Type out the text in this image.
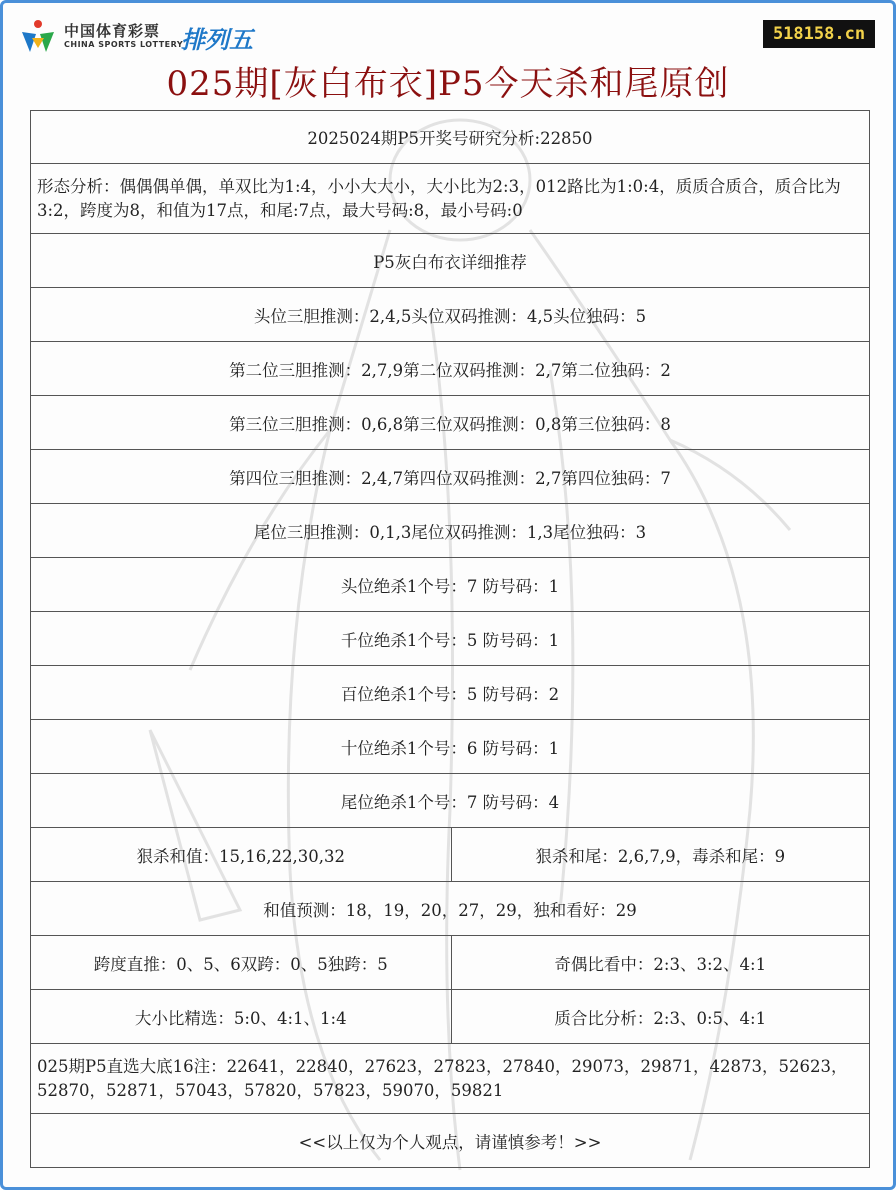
中国体育彩票
CHINA SPORTS LOTTERY
排列五	518158.cn
025期[灰白布衣]P5今天杀和尾原创
2025024期P5开奖号研究分析:22850
形态分析：偶偶偶单偶，单双比为1:4，小小大大小，大小比为2:3，012路比为1:0:4，质质合质合，质合比为3:2，跨度为8，和值为17点，和尾:7点，最大号码:8，最小号码:0
P5灰白布衣详细推荐
头位三胆推测：2,4,5头位双码推测：4,5头位独码：5
第二位三胆推测：2,7,9第二位双码推测：2,7第二位独码：2
第三位三胆推测：0,6,8第三位双码推测：0,8第三位独码：8
第四位三胆推测：2,4,7第四位双码推测：2,7第四位独码：7
尾位三胆推测：0,1,3尾位双码推测：1,3尾位独码：3
头位绝杀1个号：7 防号码：1
千位绝杀1个号：5 防号码：1
百位绝杀1个号：5 防号码：2
十位绝杀1个号：6 防号码：1
尾位绝杀1个号：7 防号码：4
狠杀和值：15,16,22,30,32	狠杀和尾：2,6,7,9，毒杀和尾：9
和值预测：18，19，20，27，29，独和看好：29
跨度直推：0、5、6双跨：0、5独跨：5	奇偶比看中：2:3、3:2、4:1
大小比精选：5:0、4:1、1:4	质合比分析：2:3、0:5、4:1
025期P5直选大底16注：22641，22840，27623，27823，27840，29073，29871，42873，52623，52870，52871，57043，57820，57823，59070，59821
<<以上仅为个人观点，请谨慎参考！>>
